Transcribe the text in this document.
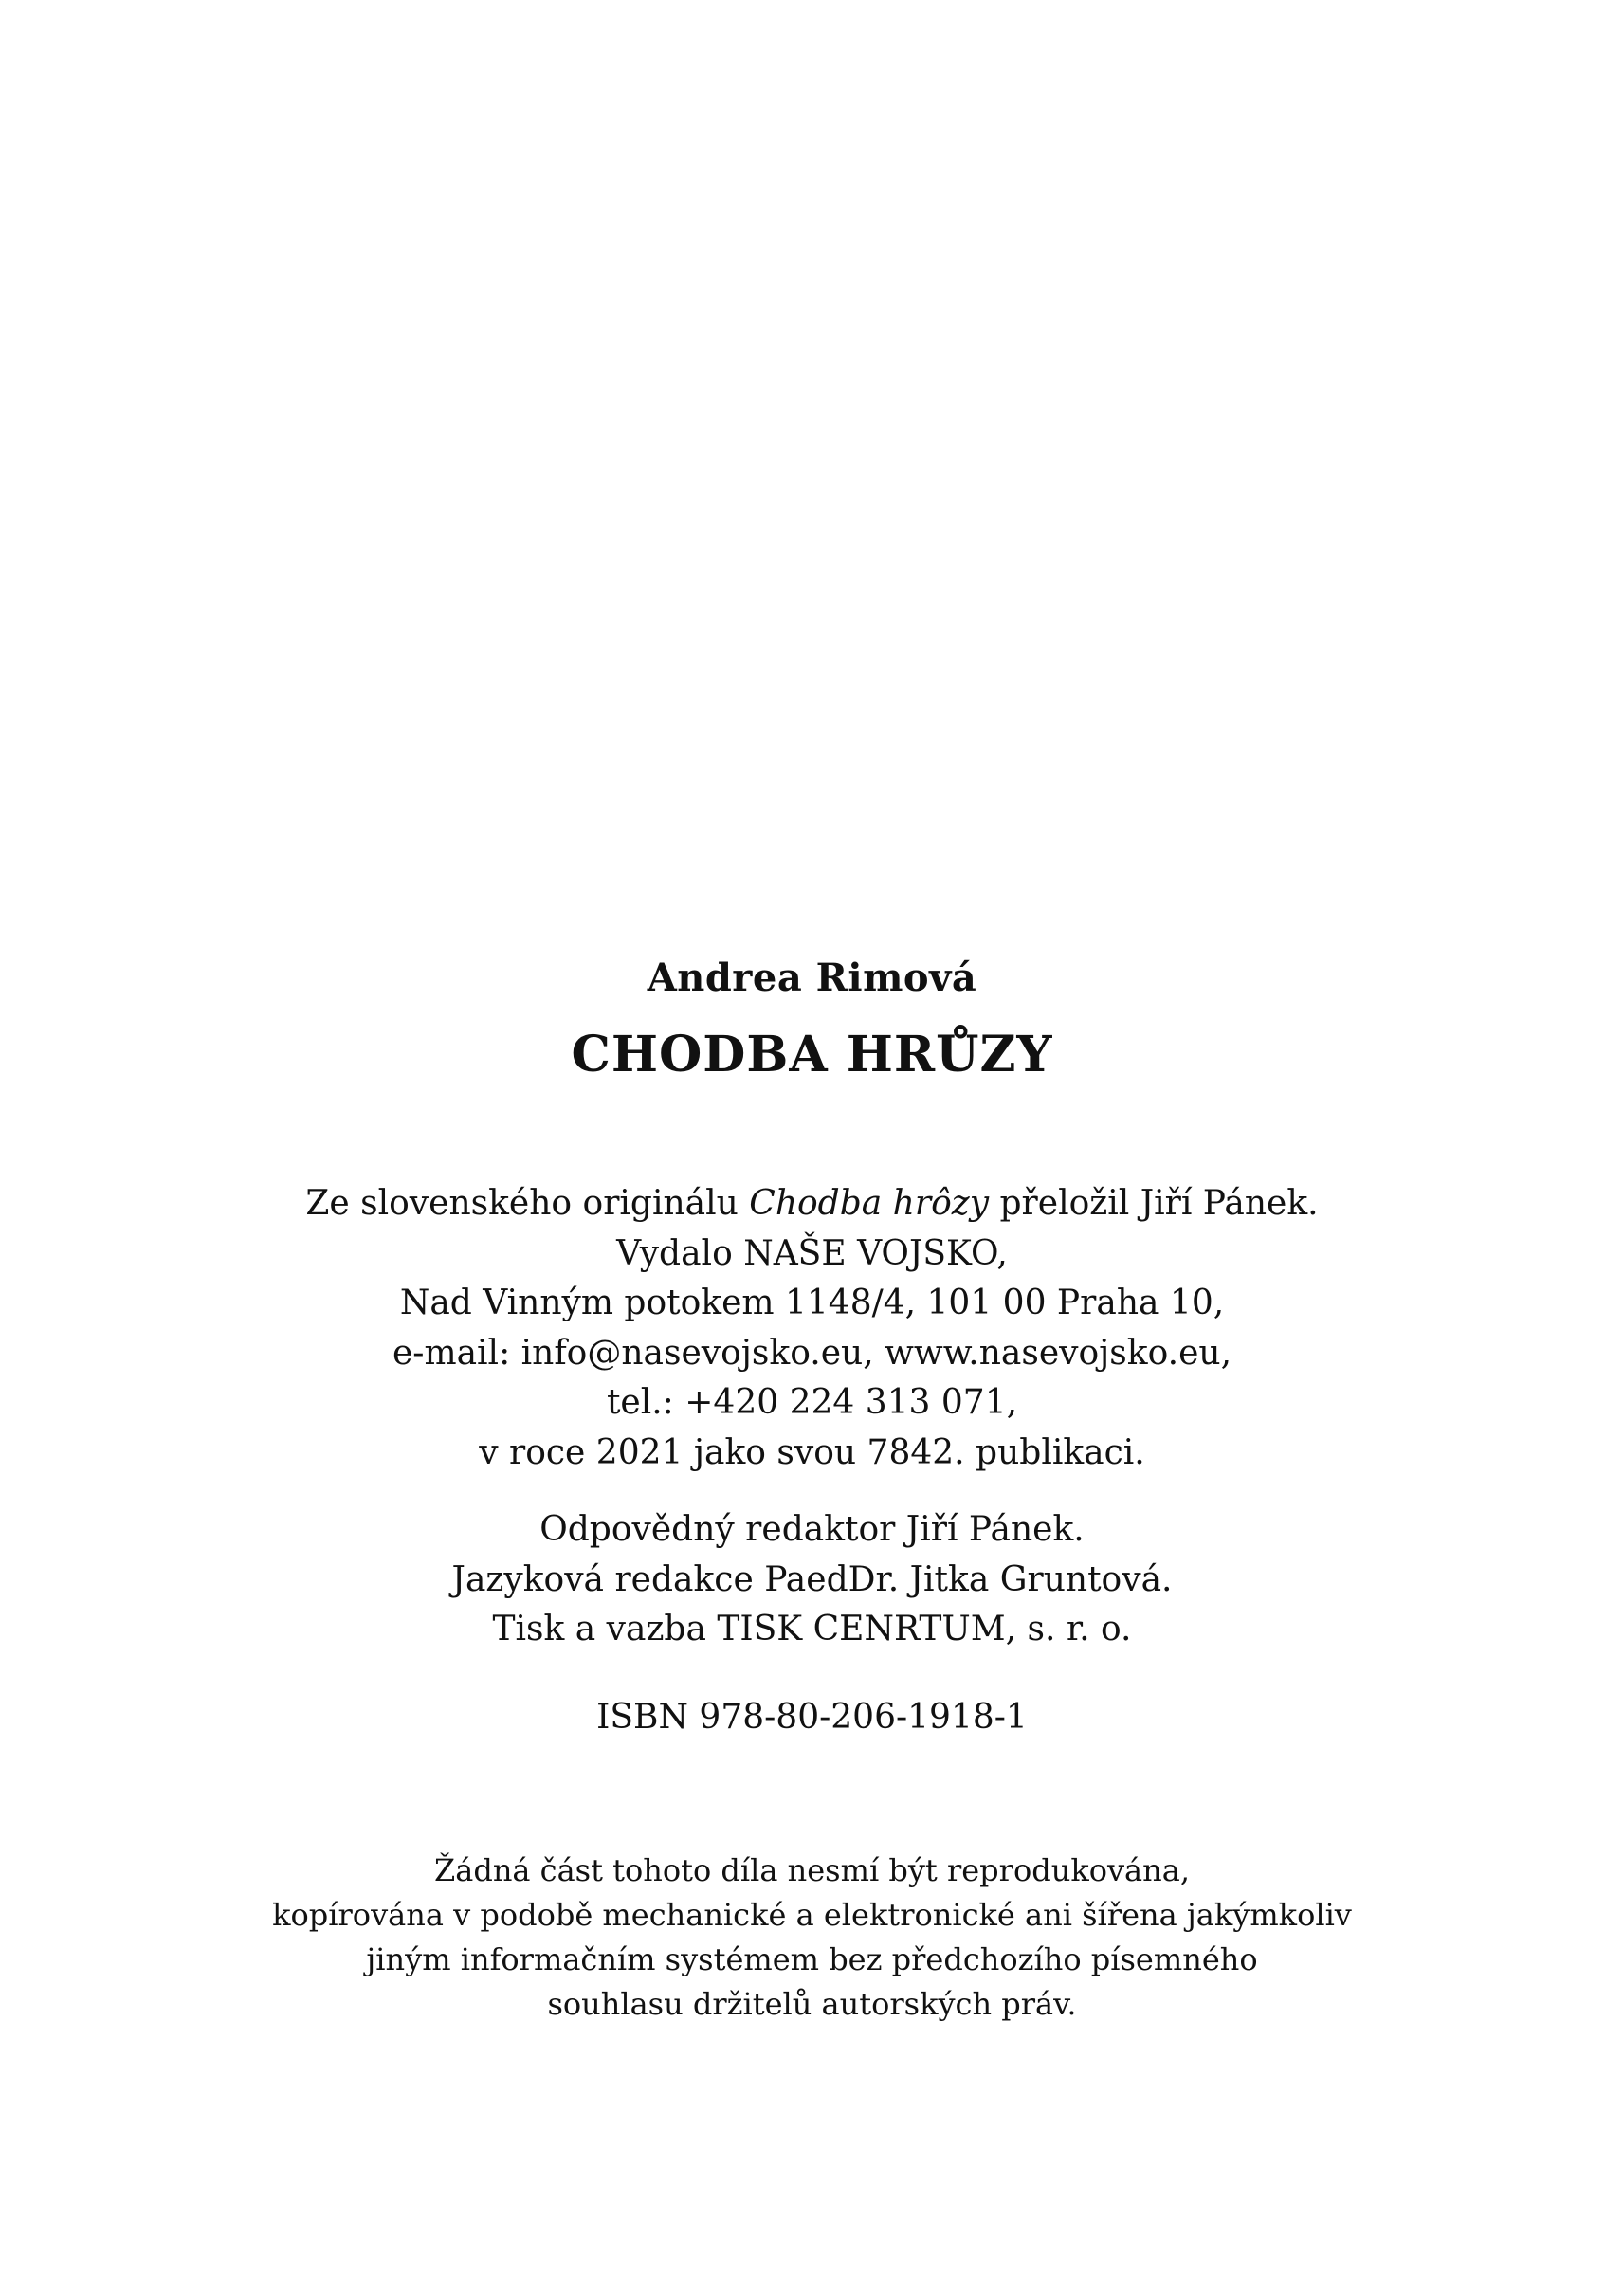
Andrea Rimová
CHODBA HRŮZY
Ze slovenského originálu Chodba hrôzy přeložil Jiří Pánek.
Vydalo NAŠE VOJSKO,
Nad Vinným potokem 1148/4, 101 00 Praha 10,
e-mail: info@nasevojsko.eu, www.nasevojsko.eu,
tel.: +420 224 313 071,
v roce 2021 jako svou 7842. publikaci.
Odpovědný redaktor Jiří Pánek.
Jazyková redakce PaedDr. Jitka Gruntová.
Tisk a vazba TISK CENRTUM, s. r. o.
ISBN 978-80-206-1918-1
Žádná část tohoto díla nesmí být reprodukována,
kopírována v podobě mechanické a elektronické ani šířena jakýmkoliv
jiným informačním systémem bez předchozího písemného
souhlasu držitelů autorských práv.
